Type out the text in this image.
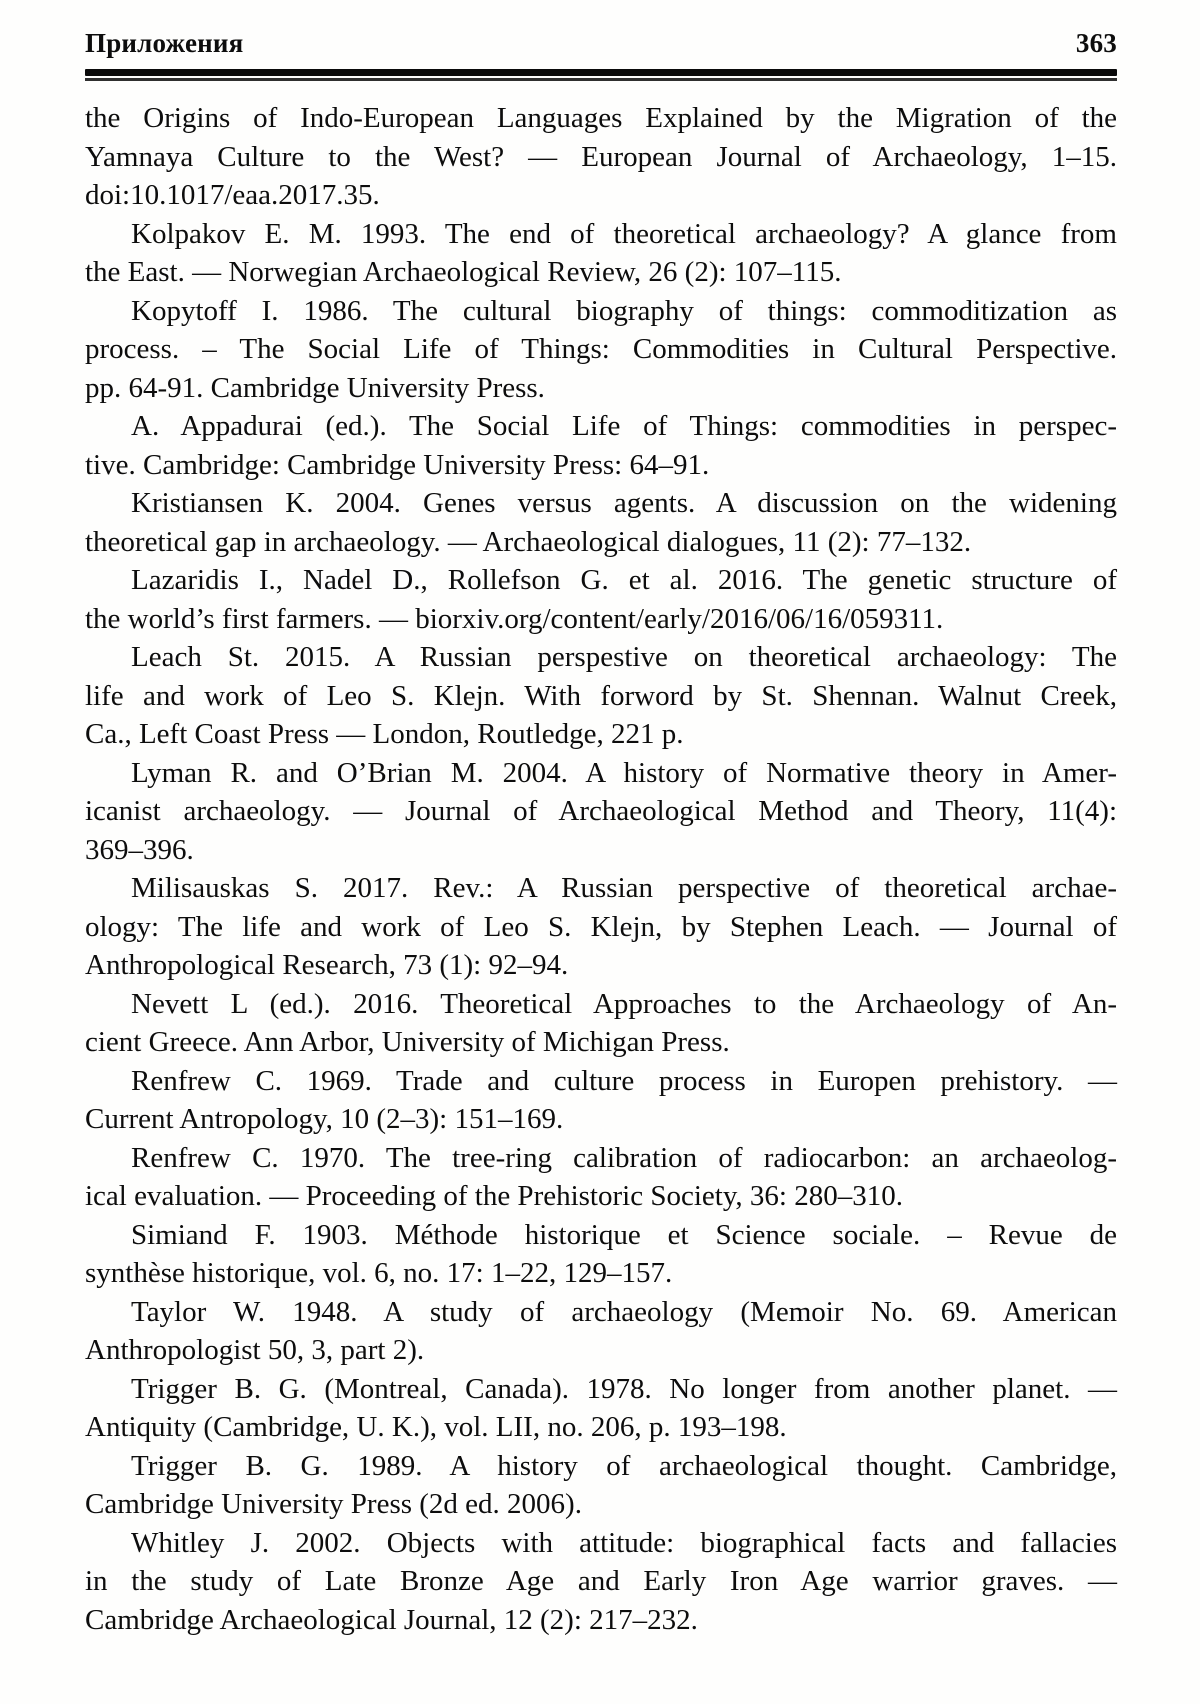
Приложения	363
the Origins of Indo-European Languages Explained by the Migration of the
Yamnaya Culture to the West? — European Journal of Archaeology, 1–15.
doi:10.1017/eaa.2017.35.
Kolpakov E. M. 1993. The end of theoretical archaeology? A glance from
the East. — Norwegian Archaeological Review, 26 (2): 107–115.
Kopytoff I. 1986. The cultural biography of things: commoditization as
process. – The Social Life of Things: Commodities in Cultural Perspective.
pp. 64-91. Cambridge University Press.
A. Appadurai (ed.). The Social Life of Things: commodities in perspec-
tive. Cambridge: Cambridge University Press: 64–91.
Kristiansen K. 2004. Genes versus agents. A discussion on the widening
theoretical gap in archaeology. — Archaeological dialogues, 11 (2): 77–132.
Lazaridis I., Nadel D., Rollefson G. et al. 2016. The genetic structure of
the world’s first farmers. — biorxiv.org/content/early/2016/06/16/059311.
Leach St. 2015. A Russian perspestive on theoretical archaeology: The
life and work of Leo S. Klejn. With forword by St. Shennan. Walnut Creek,
Ca., Left Coast Press — London, Routledge, 221 p.
Lyman R. and O’Brian M. 2004. A history of Normative theory in Amer-
icanist archaeology. — Journal of Archaeological Method and Theory, 11(4):
369–396.
Milisauskas S. 2017. Rev.: A Russian perspective of theoretical archae-
ology: The life and work of Leo S. Klejn, by Stephen Leach. — Journal of
Anthropological Research, 73 (1): 92–94.
Nevett L (ed.). 2016. Theoretical Approaches to the Archaeology of An-
cient Greece. Ann Arbor, University of Michigan Press.
Renfrew C. 1969. Trade and culture process in Europen prehistory. —
Current Antropology, 10 (2–3): 151–169.
Renfrew C. 1970. The tree-ring calibration of radiocarbon: an archaeolog-
ical evaluation. — Proceeding of the Prehistoric Society, 36: 280–310.
Simiand F. 1903. Méthode historique et Science sociale. – Revue de
synthèse historique, vol. 6, no. 17: 1–22, 129–157.
Taylor W. 1948. A study of archaeology (Memoir No. 69. American
Anthropologist 50, 3, part 2).
Trigger B. G. (Montreal, Canada). 1978. No longer from another planet. —
Antiquity (Cambridge, U. K.), vol. LII, no. 206, p. 193–198.
Trigger B. G. 1989. A history of archaeological thought. Cambridge,
Cambridge University Press (2d ed. 2006).
Whitley J. 2002. Objects with attitude: biographical facts and fallacies
in the study of Late Bronze Age and Early Iron Age warrior graves. —
Cambridge Archaeological Journal, 12 (2): 217–232.
